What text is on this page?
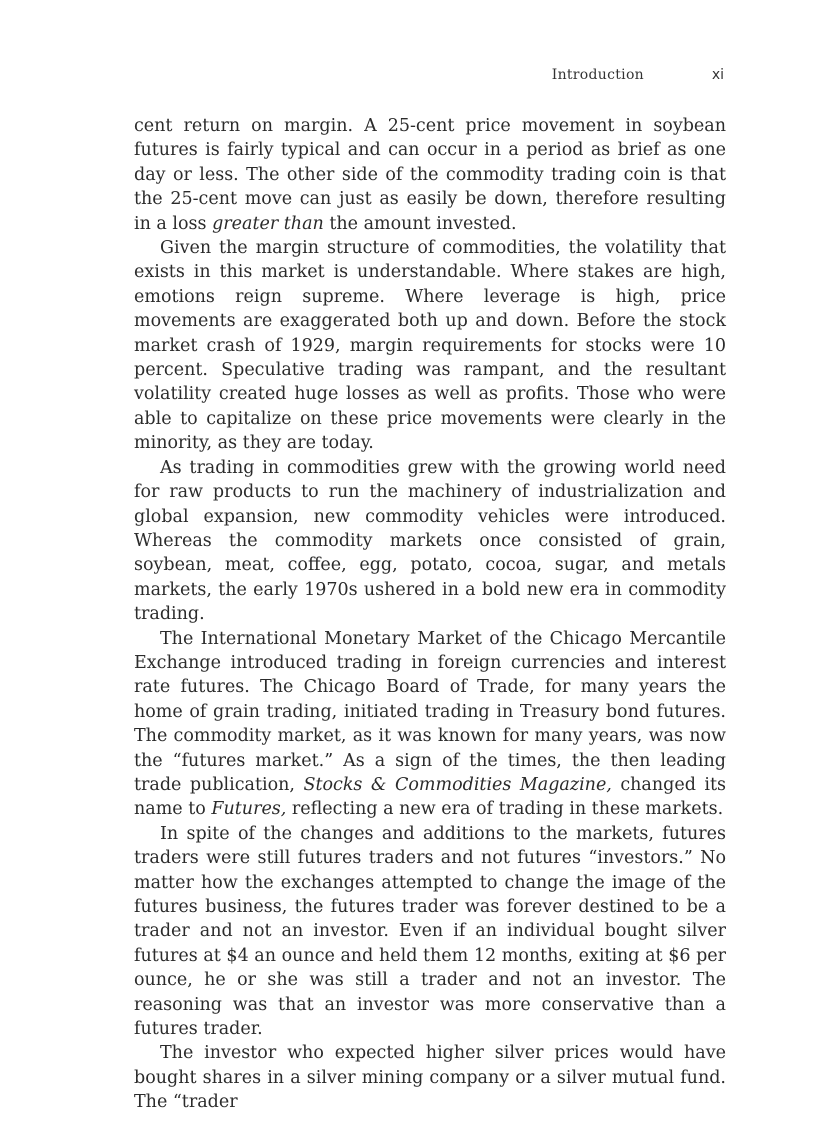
Introduction	xi

cent return on margin. A 25-cent price movement in soybean futures is fairly typical and can occur in a period as brief as one day or less. The other side of the commodity trading coin is that the 25-cent move can just as easily be down, therefore resulting in a loss greater than the amount invested.

Given the margin structure of commodities, the volatility that exists in this market is understandable. Where stakes are high, emotions reign supreme. Where leverage is high, price movements are exaggerated both up and down. Before the stock market crash of 1929, margin requirements for stocks were 10 percent. Speculative trading was rampant, and the resultant volatility created huge losses as well as profits. Those who were able to capitalize on these price movements were clearly in the minority, as they are today.

As trading in commodities grew with the growing world need for raw products to run the machinery of industrialization and global expansion, new commodity vehicles were introduced. Whereas the commodity markets once consisted of grain, soybean, meat, coffee, egg, potato, cocoa, sugar, and metals markets, the early 1970s ushered in a bold new era in commodity trading.

The International Monetary Market of the Chicago Mercantile Exchange introduced trading in foreign currencies and interest rate futures. The Chicago Board of Trade, for many years the home of grain trading, initiated trading in Treasury bond futures. The commodity market, as it was known for many years, was now the “futures market.” As a sign of the times, the then leading trade publication, Stocks & Commodities Magazine, changed its name to Futures, reflecting a new era of trading in these markets.

In spite of the changes and additions to the markets, futures traders were still futures traders and not futures “investors.” No matter how the exchanges attempted to change the image of the futures business, the futures trader was forever destined to be a trader and not an investor. Even if an individual bought silver futures at $4 an ounce and held them 12 months, exiting at $6 per ounce, he or she was still a trader and not an investor. The reasoning was that an investor was more conservative than a futures trader.

The investor who expected higher silver prices would have bought shares in a silver mining company or a silver mutual fund. The “trader
